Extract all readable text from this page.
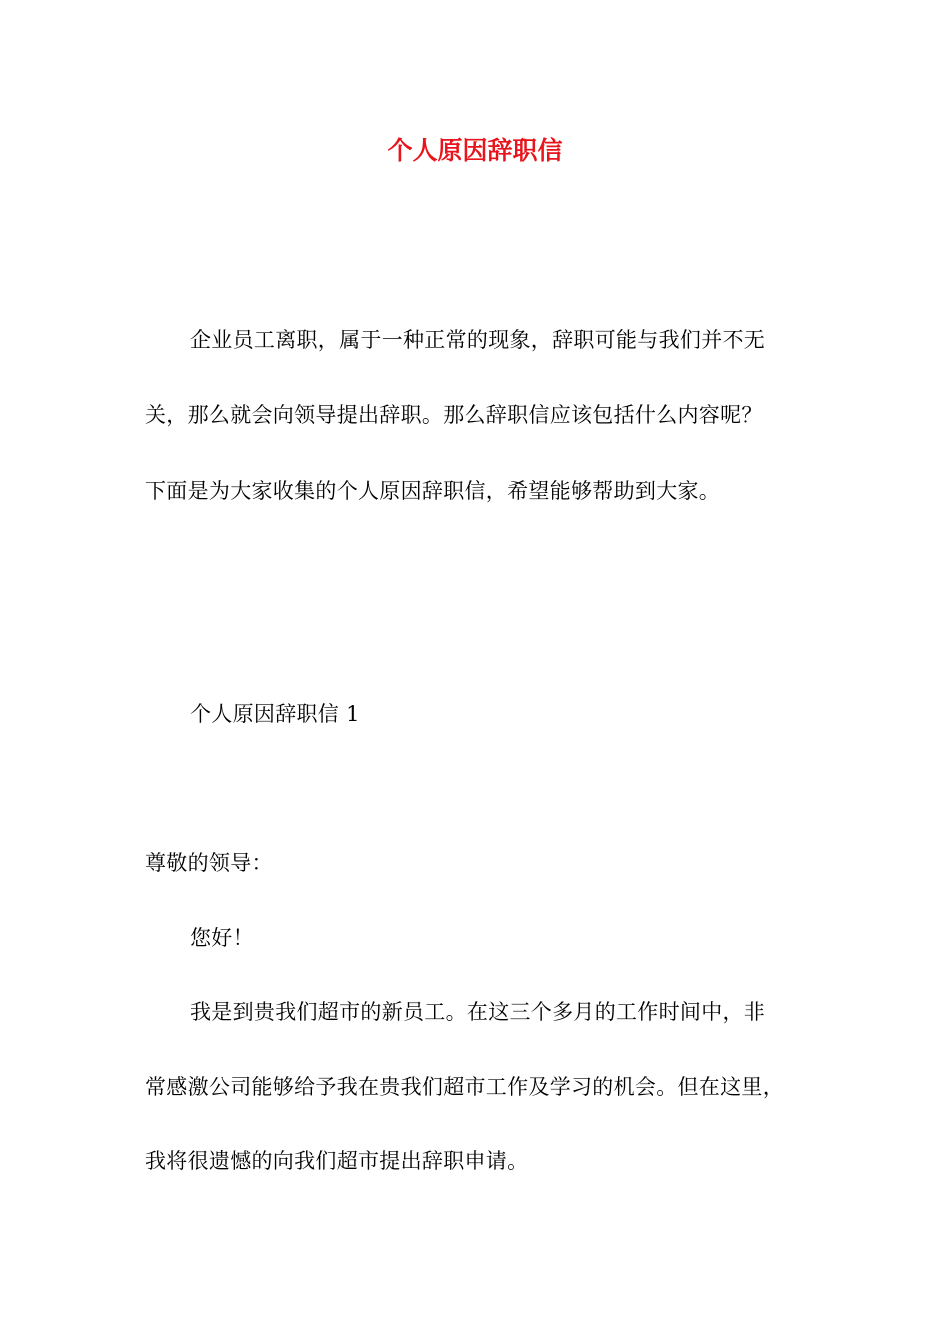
个人原因辞职信
企业员工离职，属于一种正常的现象，辞职可能与我们并不无
关，那么就会向领导提出辞职。那么辞职信应该包括什么内容呢？
下面是为大家收集的个人原因辞职信，希望能够帮助到大家。
个人原因辞职信 1
尊敬的领导：
您好！
我是到贵我们超市的新员工。在这三个多月的工作时间中，非
常感激公司能够给予我在贵我们超市工作及学习的机会。但在这里，
我将很遗憾的向我们超市提出辞职申请。
